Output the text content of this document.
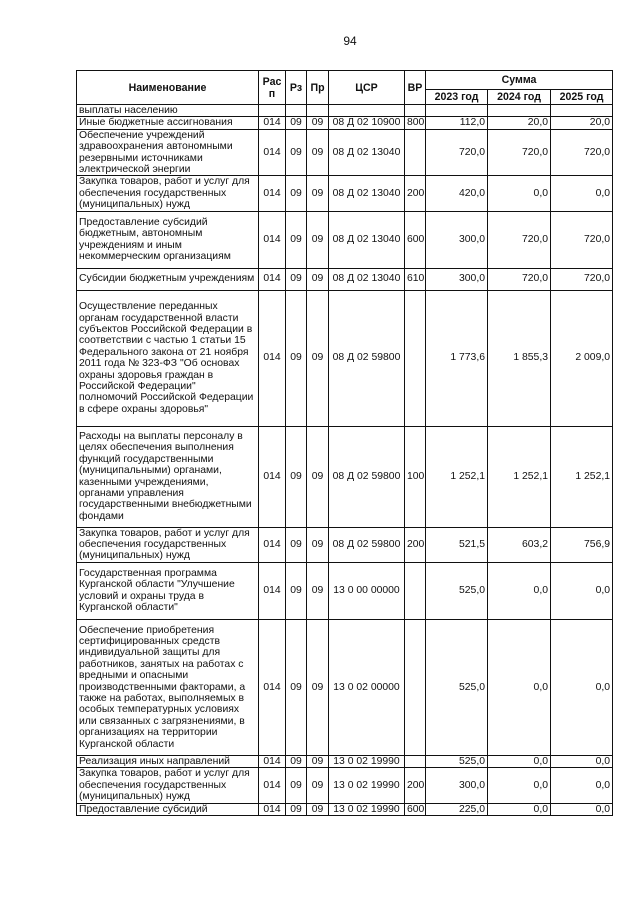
94
Наименование	Рас п	Рз	Пр	ЦСР	ВР	Сумма		
						2023 год	2024 год	2025 год
выплаты населению								
Иные бюджетные ассигнования	014	09	09	08 Д 02 10900	800	112,0	20,0	20,0
Обеспечение учреждений здравоохранения автономными резервными источниками электрической энергии	014	09	09	08 Д 02 13040		720,0	720,0	720,0
Закупка товаров, работ и услуг для обеспечения государственных (муниципальных) нужд	014	09	09	08 Д 02 13040	200	420,0	0,0	0,0
Предоставление субсидий бюджетным, автономным учреждениям и иным некоммерческим организациям	014	09	09	08 Д 02 13040	600	300,0	720,0	720,0
Субсидии бюджетным учреждениям	014	09	09	08 Д 02 13040	610	300,0	720,0	720,0
Осуществление переданных органам государственной власти субъектов Российской Федерации в соответствии с частью 1 статьи 15 Федерального закона от 21 ноября 2011 года № 323-ФЗ "Об основах охраны здоровья граждан в Российской Федерации" полномочий Российской Федерации в сфере охраны здоровья"	014	09	09	08 Д 02 59800		1 773,6	1 855,3	2 009,0
Расходы на выплаты персоналу в целях обеспечения выполнения функций государственными (муниципальными) органами, казенными учреждениями, органами управления государственными внебюджетными фондами	014	09	09	08 Д 02 59800	100	1 252,1	1 252,1	1 252,1
Закупка товаров, работ и услуг для обеспечения государственных (муниципальных) нужд	014	09	09	08 Д 02 59800	200	521,5	603,2	756,9
Государственная программа Курганской области "Улучшение условий и охраны труда в Курганской области"	014	09	09	13 0 00 00000		525,0	0,0	0,0
Обеспечение приобретения сертифицированных средств индивидуальной защиты для работников, занятых на работах с вредными и опасными производственными факторами, а также на работах, выполняемых в особых температурных условиях или связанных с загрязнениями, в организациях на территории Курганской области	014	09	09	13 0 02 00000		525,0	0,0	0,0
Реализация иных направлений	014	09	09	13 0 02 19990		525,0	0,0	0,0
Закупка товаров, работ и услуг для обеспечения государственных (муниципальных) нужд	014	09	09	13 0 02 19990	200	300,0	0,0	0,0
Предоставление субсидий	014	09	09	13 0 02 19990	600	225,0	0,0	0,0
